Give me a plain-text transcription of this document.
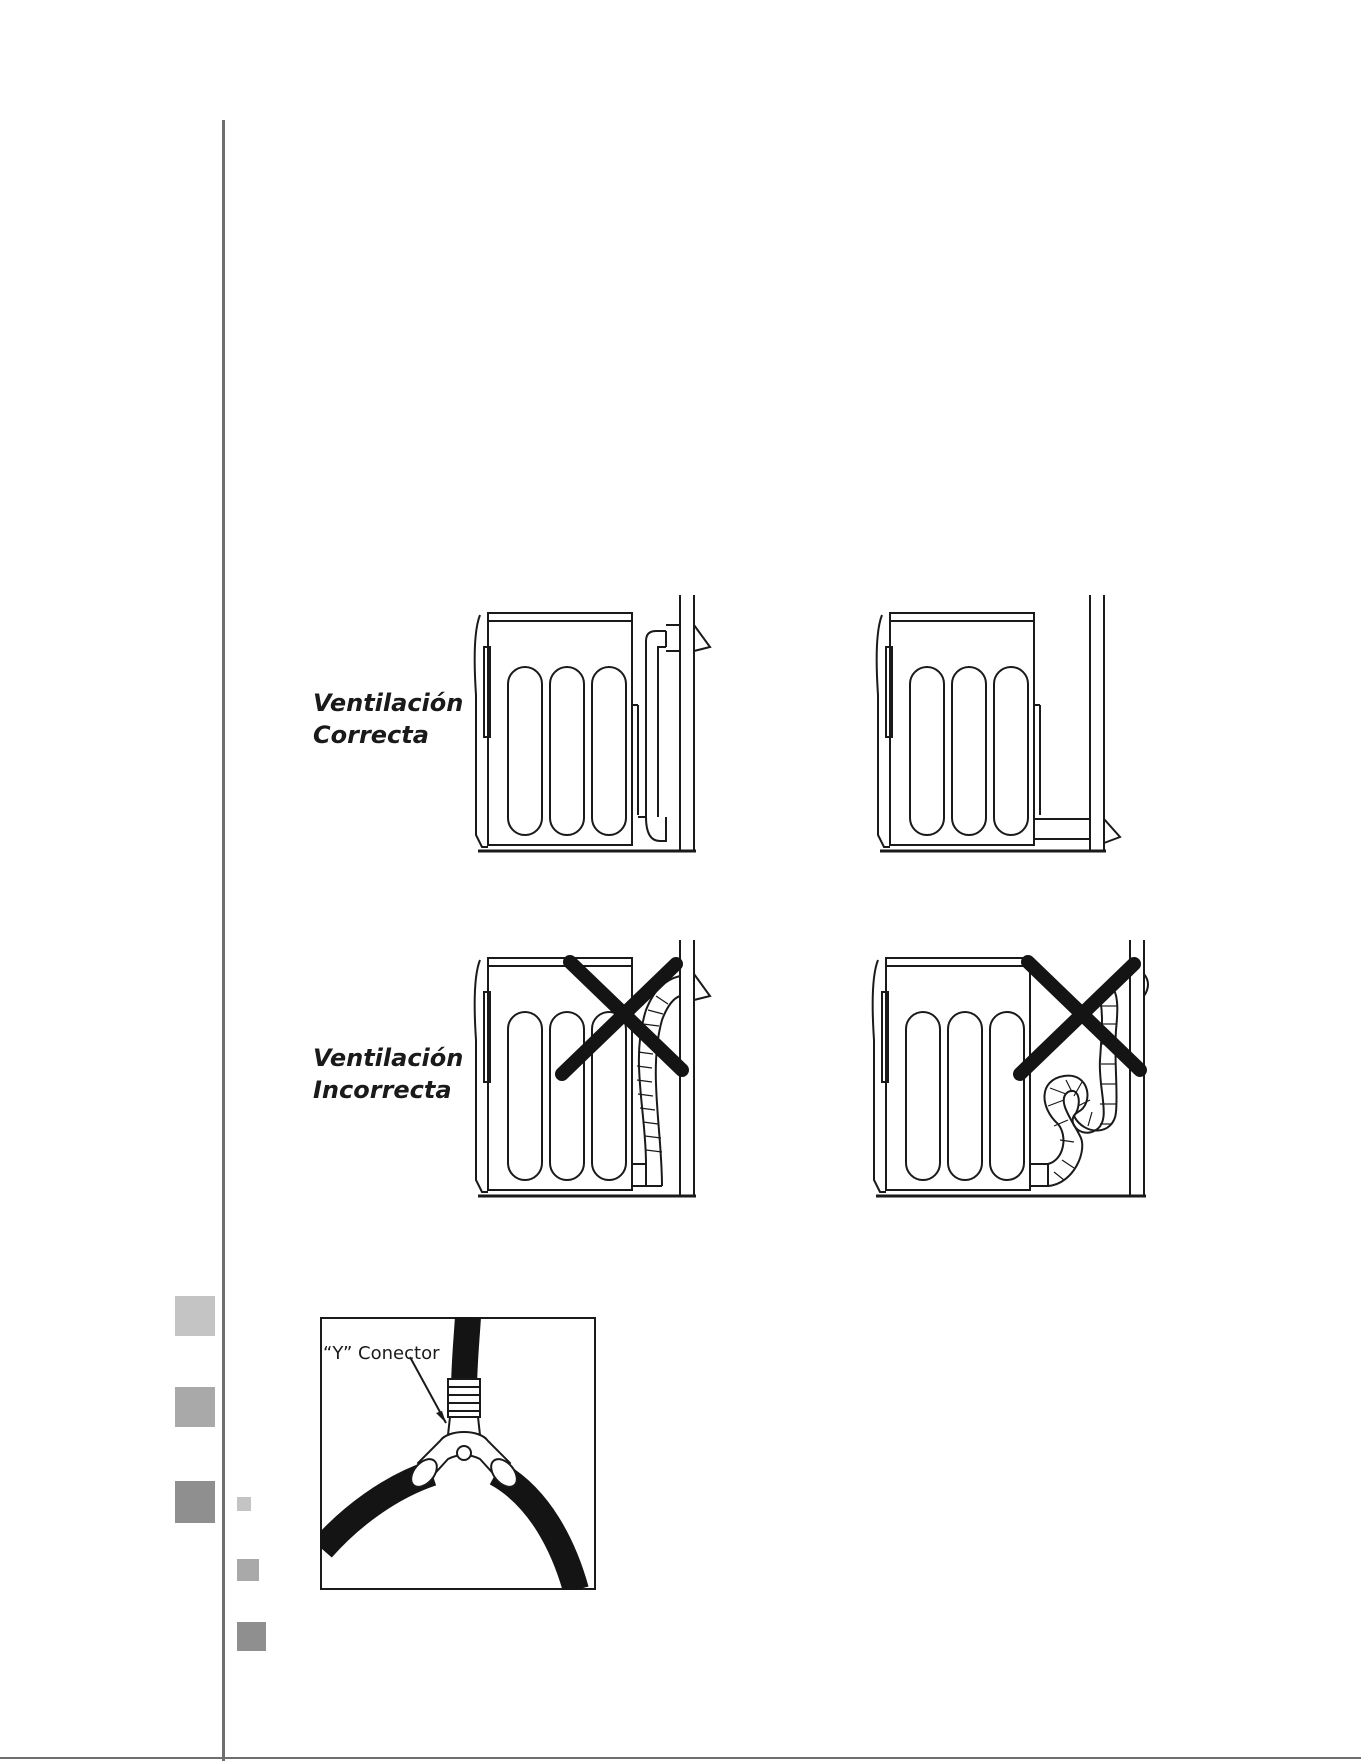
Ventilación
Correcta
Ventilación
Incorrecta
“Y” Conector
